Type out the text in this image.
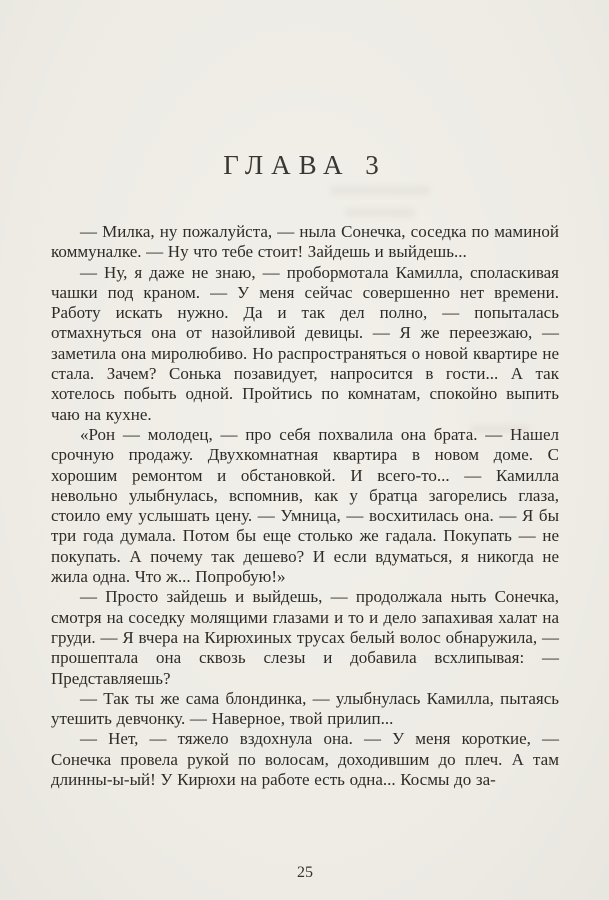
ГЛАВА 3

— Милка, ну пожалуйста, — ныла Сонечка, соседка по маминой коммуналке. — Ну что тебе стоит! Зайдешь и выйдешь...

— Ну, я даже не знаю, — пробормотала Камилла, споласкивая чашки под краном. — У меня сейчас совершенно нет времени. Работу искать нужно. Да и так дел полно, — попыталась отмахнуться она от назойливой девицы. — Я же переезжаю, — заметила она миролюбиво. Но распространяться о новой квартире не стала. Зачем? Сонька позавидует, напросится в гости... А так хотелось побыть одной. Пройтись по комнатам, спокойно выпить чаю на кухне.

«Рон — молодец, — про себя похвалила она брата. — Нашел срочную продажу. Двухкомнатная квартира в новом доме. С хорошим ремонтом и обстановкой. И всего-то... — Камилла невольно улыбнулась, вспомнив, как у братца загорелись глаза, стоило ему услышать цену. — Умница, — восхитилась она. — Я бы три года думала. Потом бы еще столько же гадала. Покупать — не покупать. А почему так дешево? И если вдуматься, я никогда не жила одна. Что ж... Попробую!»

— Просто зайдешь и выйдешь, — продолжала ныть Сонечка, смотря на соседку молящими глазами и то и дело запахивая халат на груди. — Я вчера на Кирюхиных трусах белый волос обнаружила, — прошептала она сквозь слезы и добавила всхлипывая: — Представляешь?

— Так ты же сама блондинка, — улыбнулась Камилла, пытаясь утешить девчонку. — Наверное, твой прилип...

— Нет, — тяжело вздохнула она. — У меня короткие, — Сонечка провела рукой по волосам, доходившим до плеч. А там длинны-ы-ый! У Кирюхи на работе есть одна... Космы до за-

25
